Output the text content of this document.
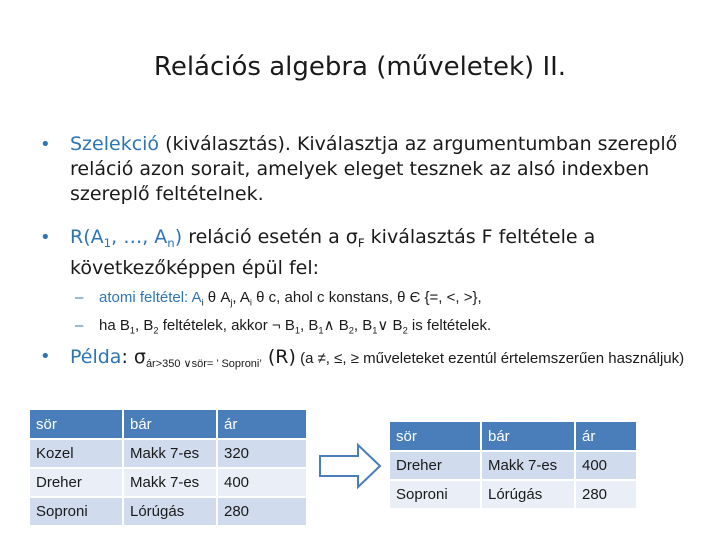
Relációs algebra (műveletek) II.
•	Szelekció (kiválasztás). Kiválasztja az argumentumban szereplő reláció azon sorait, amelyek eleget tesznek az alsó indexben szereplő feltételnek.
•	$R(A_1$, …, $A_n$) reláció esetén a $\sigma_F$ kiválasztás F feltétele a következőképpen épül fel:
– atomi feltétel: $A_i$ θ $A_j$, $A_i$ θ c, ahol c konstans, θ Є {=, <, >},
– ha $B_1$, $B_2$ feltételek, akkor ¬ $B_1$, $B_1\wedge$ $B_2$, $B_1\vee$ $B_2$ is feltételek.
•	Példa: $\sigma_{ár>350 \vee sör= ’ Soproni’}$ (R) (a ≠, ≤, ≥ műveleteket ezentúl értelemszerűen használjuk)
sör	bár	ár
Kozel	Makk 7-es	320
Dreher	Makk 7-es	400
Soproni	Lórúgás	280
sör	bár	ár
Dreher	Makk 7-es	400
Soproni	Lórúgás	280
